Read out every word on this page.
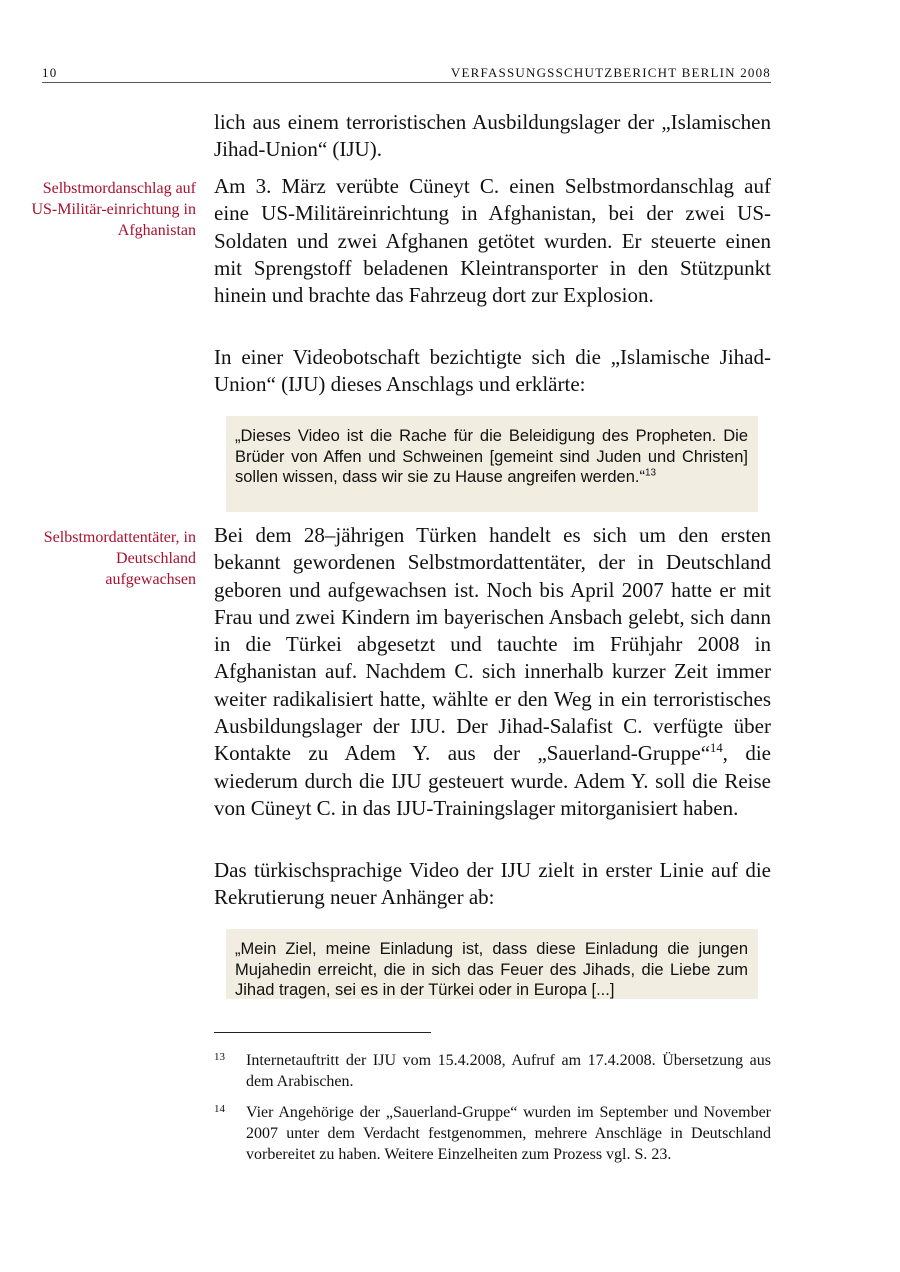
10	VERFASSUNGSSCHUTZBERICHT BERLIN 2008

lich aus einem terroristischen Ausbildungslager der „Islamischen Jihad-Union“ (IJU).

Selbstmordanschlag auf US-Militär-einrichtung in Afghanistan

Am 3. März verübte Cüneyt C. einen Selbstmordanschlag auf eine US-Militäreinrichtung in Afghanistan, bei der zwei US-Soldaten und zwei Afghanen getötet wurden. Er steuerte einen mit Sprengstoff beladenen Kleintransporter in den Stützpunkt hinein und brachte das Fahrzeug dort zur Explosion.

In einer Videobotschaft bezichtigte sich die „Islamische Jihad-Union“ (IJU) dieses Anschlags und erklärte:

„Dieses Video ist die Rache für die Beleidigung des Propheten. Die Brüder von Affen und Schweinen [gemeint sind Juden und Christen] sollen wissen, dass wir sie zu Hause angreifen werden.“$^{13}$

Selbstmordattentäter, in Deutschland aufgewachsen

Bei dem 28–jährigen Türken handelt es sich um den ersten bekannt gewordenen Selbstmordattentäter, der in Deutschland geboren und aufgewachsen ist. Noch bis April 2007 hatte er mit Frau und zwei Kindern im bayerischen Ansbach gelebt, sich dann in die Türkei abgesetzt und tauchte im Frühjahr 2008 in Afghanistan auf. Nachdem C. sich innerhalb kurzer Zeit immer weiter radikalisiert hatte, wählte er den Weg in ein terroristisches Ausbildungslager der IJU. Der Jihad-Salafist C. verfügte über Kontakte zu Adem Y. aus der „Sauerland-Gruppe“$^{14}$, die wiederum durch die IJU gesteuert wurde. Adem Y. soll die Reise von Cüneyt C. in das IJU-Trainingslager mitorganisiert haben.

Das türkischsprachige Video der IJU zielt in erster Linie auf die Rekrutierung neuer Anhänger ab:

„Mein Ziel, meine Einladung ist, dass diese Einladung die jungen Mujahedin erreicht, die in sich das Feuer des Jihads, die Liebe zum Jihad tragen, sei es in der Türkei oder in Europa [...]
13 Internetauftritt der IJU vom 15.4.2008, Aufruf am 17.4.2008. Übersetzung aus dem Arabischen.
14 Vier Angehörige der „Sauerland-Gruppe“ wurden im September und November 2007 unter dem Verdacht festgenommen, mehrere Anschläge in Deutschland vorbereitet zu haben. Weitere Einzelheiten zum Prozess vgl. S. 23.
